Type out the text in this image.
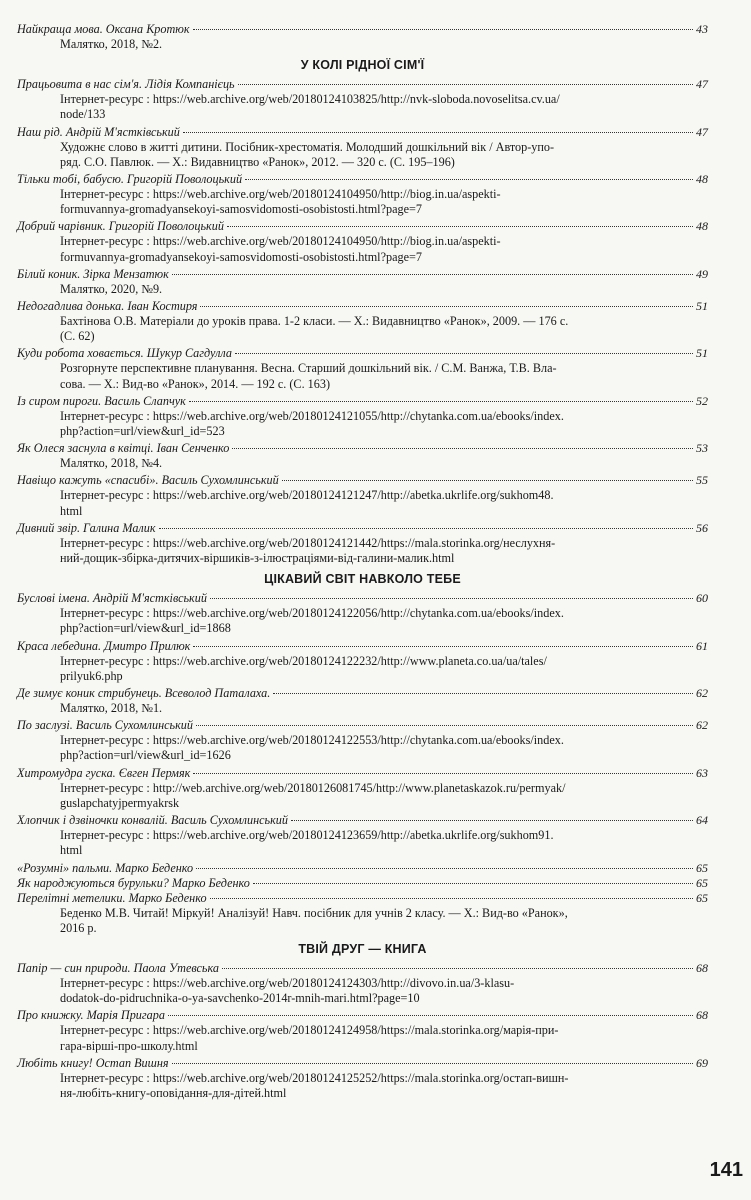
Найкраща мова. Оксана Кротюк	43
Малятко, 2018, №2.
У КОЛІ РІДНОЇ СІМ'Ї
Працьовита в нас сім'я. Лідія Компанієць	47
Інтернет-ресурс : https://web.archive.org/web/20180124103825/http://nvk-sloboda.novoselitsa.cv.ua/
node/133
Наш рід. Андрій М'ястківський	47
Художнє слово в житті дитини. Посібник-хрестоматія. Молодший дошкільний вік / Автор-упо-
ряд. С.О. Павлюк. — Х.: Видавництво «Ранок», 2012. — 320 с. (С. 195–196)
Тільки тобі, бабусю. Григорій Поволоцький	48
Інтернет-ресурс : https://web.archive.org/web/20180124104950/http://biog.in.ua/aspekti-
formuvannya-gromadyansekoyi-samosvidomosti-osobistosti.html?page=7
Добрий чарівник. Григорій Поволоцький	48
Інтернет-ресурс : https://web.archive.org/web/20180124104950/http://biog.in.ua/aspekti-
formuvannya-gromadyansekoyi-samosvidomosti-osobistosti.html?page=7
Білий коник. Зірка Мензатюк	49
Малятко, 2020, №9.
Недогадлива донька. Іван Костиря	51
Бахтінова О.В. Матеріали до уроків права. 1-2 класи. — Х.: Видавництво «Ранок», 2009. — 176 с.
(С. 62)
Куди робота ховається. Шукур Сагдулла	51
Розгорнуте перспективне планування. Весна. Старший дошкільний вік. / С.М. Ванжа, Т.В. Вла-
сова. — Х.: Вид-во «Ранок», 2014. — 192 с. (С. 163)
Із сиром пироги. Василь Слапчук	52
Інтернет-ресурс : https://web.archive.org/web/20180124121055/http://chytanka.com.ua/ebooks/index.
php?action=url/view&url_id=523
Як Олеся заснула в квітці. Іван Сенченко	53
Малятко, 2018, №4.
Навіщо кажуть «спасибі». Василь Сухомлинський	55
Інтернет-ресурс : https://web.archive.org/web/20180124121247/http://abetka.ukrlife.org/sukhom48.
html
Дивний звір. Галина Малик	56
Інтернет-ресурс : https://web.archive.org/web/20180124121442/https://mala.storinka.org/неслухня-
ний-дощик-збірка-дитячих-віршиків-з-ілюстраціями-від-галини-малик.html
ЦІКАВИЙ СВІТ НАВКОЛО ТЕБЕ
Буслові імена. Андрій М'ястківський	60
Інтернет-ресурс : https://web.archive.org/web/20180124122056/http://chytanka.com.ua/ebooks/index.
php?action=url/view&url_id=1868
Краса лебедина. Дмитро Прилюк	61
Інтернет-ресурс : https://web.archive.org/web/20180124122232/http://www.planeta.co.ua/ua/tales/
prilyuk6.php
Де зимує коник стрибунець. Всеволод Паталаха.	62
Малятко, 2018, №1.
По заслузі. Василь Сухомлинський	62
Інтернет-ресурс : https://web.archive.org/web/20180124122553/http://chytanka.com.ua/ebooks/index.
php?action=url/view&url_id=1626
Хитромудра гуска. Євген Пермяк	63
Інтернет-ресурс : http://web.archive.org/web/20180126081745/http://www.planetaskazok.ru/permyak/
guslapchatyjpermyakrsk
Хлопчик і дзвіночки конвалій. Василь Сухомлинський	64
Інтернет-ресурс : https://web.archive.org/web/20180124123659/http://abetka.ukrlife.org/sukhom91.
html
«Розумні» пальми. Марко Беденко	65
Як народжуються бурульки? Марко Беденко	65
Перелітні метелики. Марко Беденко	65
Беденко М.В. Читай! Міркуй! Аналізуй! Навч. посібник для учнів 2 класу. — Х.: Вид-во «Ранок»,
2016 р.
ТВІЙ ДРУГ — КНИГА
Папір — син природи. Паола Утевська	68
Інтернет-ресурс : https://web.archive.org/web/20180124124303/http://divovo.in.ua/3-klasu-
dodatok-do-pidruchnika-o-ya-savchenko-2014r-mnih-mari.html?page=10
Про книжку. Марія Пригара	68
Інтернет-ресурс : https://web.archive.org/web/20180124124958/https://mala.storinka.org/марія-при-
гара-вірші-про-школу.html
Любіть книгу! Остап Вишня	69
Інтернет-ресурс : https://web.archive.org/web/20180124125252/https://mala.storinka.org/остап-вишн-
ня-любіть-книгу-оповідання-для-дітей.html
141
